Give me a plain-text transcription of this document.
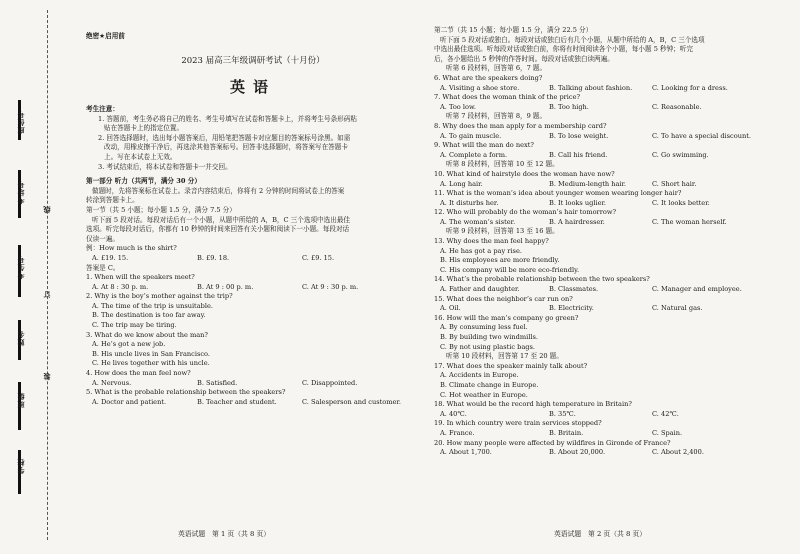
座位号
考场号
线
考生号
订
姓名
装
班级
学校
绝密★启用前
2023 届高三年级调研考试（十月份）
英语
考生注意：
1. 答题前，考生务必将自己的姓名、考生号填写在试卷和答题卡上，并将考生号条形码粘
贴在答题卡上的指定位置。
2. 回答选择题时，选出每小题答案后，用铅笔把答题卡对应题目的答案标号涂黑。如需
改动，用橡皮擦干净后，再选涂其他答案标号。回答非选择题时，将答案写在答题卡
上。写在本试卷上无效。
3. 考试结束后，将本试卷和答题卡一并交回。
第一部分 听力（共两节，满分 30 分）
做题时，先将答案标在试卷上。录音内容结束后，你将有 2 分钟的时间将试卷上的答案
转涂到答题卡上。
第一节（共 5 小题；每小题 1.5 分，满分 7.5 分）
听下面 5 段对话。每段对话后有一个小题，从题中所给的 A，B，C 三个选项中选出最佳
选项。听完每段对话后，你都有 10 秒钟的时间来回答有关小题和阅读下一小题。每段对话
仅读一遍。
例：How much is the shirt?
A. £19. 15.	B. £9. 18.	C. £9. 15.
答案是 C。
1. When will the speakers meet?
A. At 8 : 30 p. m.	B. At 9 : 00 p. m.	C. At 9 : 30 p. m.
2. Why is the boy’s mother against the trip?
A. The time of the trip is unsuitable.
B. The destination is too far away.
C. The trip may be tiring.
3. What do we know about the man?
A. He’s got a new job.
B. His uncle lives in San Francisco.
C. He lives together with his uncle.
4. How does the man feel now?
A. Nervous.	B. Satisfied.	C. Disappointed.
5. What is the probable relationship between the speakers?
A. Doctor and patient.	B. Teacher and student.	C. Salesperson and customer.
英语试题　第 1 页（共 8 页）
第二节（共 15 小题；每小题 1.5 分，满分 22.5 分）
听下面 5 段对话或独白。每段对话或独白后有几个小题，从题中所给的 A，B，C 三个选项
中选出最佳选项。听每段对话或独白前，你将有时间阅读各个小题，每小题 5 秒钟；听完
后，各小题给出 5 秒钟的作答时间。每段对话或独白读两遍。
听第 6 段材料，回答第 6，7 题。
6. What are the speakers doing?
A. Visiting a shoe store.	B. Talking about fashion.	C. Looking for a dress.
7. What does the woman think of the price?
A. Too low.	B. Too high.	C. Reasonable.
听第 7 段材料，回答第 8，9 题。
8. Why does the man apply for a membership card?
A. To gain muscle.	B. To lose weight.	C. To have a special discount.
9. What will the man do next?
A. Complete a form.	B. Call his friend.	C. Go swimming.
听第 8 段材料，回答第 10 至 12 题。
10. What kind of hairstyle does the woman have now?
A. Long hair.	B. Medium-length hair.	C. Short hair.
11. What is the woman’s idea about younger women wearing longer hair?
A. It disturbs her.	B. It looks uglier.	C. It looks better.
12. Who will probably do the woman’s hair tomorrow?
A. The woman’s sister.	B. A hairdresser.	C. The woman herself.
听第 9 段材料，回答第 13 至 16 题。
13. Why does the man feel happy?
A. He has got a pay rise.
B. His employees are more friendly.
C. His company will be more eco-friendly.
14. What’s the probable relationship between the two speakers?
A. Father and daughter.	B. Classmates.	C. Manager and employee.
15. What does the neighbor’s car run on?
A. Oil.	B. Electricity.	C. Natural gas.
16. How will the man’s company go green?
A. By consuming less fuel.
B. By building two windmills.
C. By not using plastic bags.
听第 10 段材料，回答第 17 至 20 题。
17. What does the speaker mainly talk about?
A. Accidents in Europe.
B. Climate change in Europe.
C. Hot weather in Europe.
18. What would be the record high temperature in Britain?
A. 40℃.	B. 35℃.	C. 42℃.
19. In which country were train services stopped?
A. France.	B. Britain.	C. Spain.
20. How many people were affected by wildfires in Gironde of France?
A. About 1,700.	B. About 20,000.	C. About 2,400.
英语试题　第 2 页（共 8 页）
